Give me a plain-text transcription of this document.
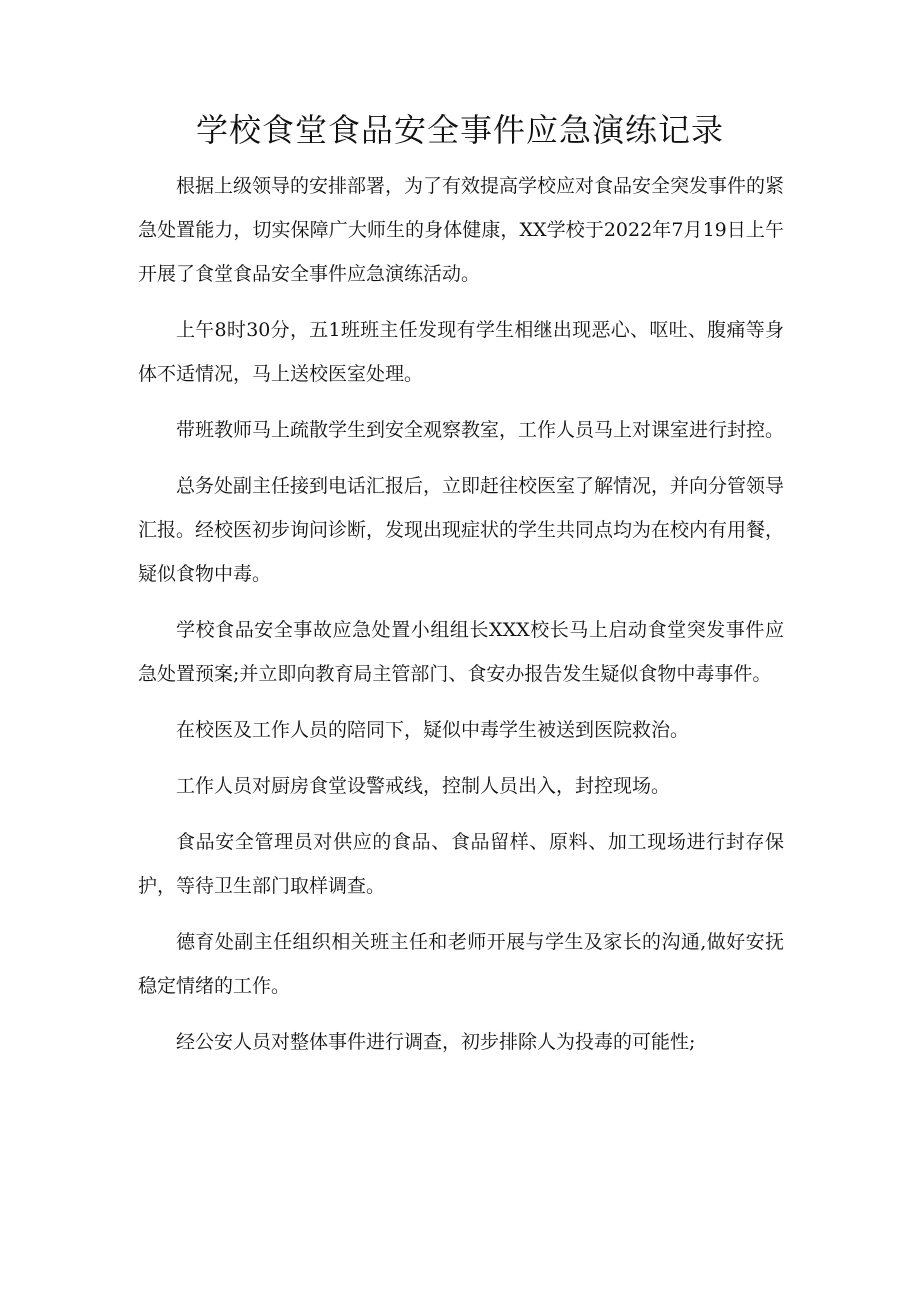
学校食堂食品安全事件应急演练记录

根据上级领导的安排部署，为了有效提高学校应对食品安全突发事件的紧急处置能力，切实保障广大师生的身体健康，XX学校于2022年7月19日上午开展了食堂食品安全事件应急演练活动。

上午8时30分，五1班班主任发现有学生相继出现恶心、呕吐、腹痛等身体不适情况，马上送校医室处理。

带班教师马上疏散学生到安全观察教室，工作人员马上对课室进行封控。

总务处副主任接到电话汇报后，立即赶往校医室了解情况，并向分管领导汇报。经校医初步询问诊断，发现出现症状的学生共同点均为在校内有用餐，疑似食物中毒。

学校食品安全事故应急处置小组组长XXX校长马上启动食堂突发事件应急处置预案;并立即向教育局主管部门、食安办报告发生疑似食物中毒事件。

在校医及工作人员的陪同下，疑似中毒学生被送到医院救治。

工作人员对厨房食堂设警戒线，控制人员出入，封控现场。

食品安全管理员对供应的食品、食品留样、原料、加工现场进行封存保护，等待卫生部门取样调查。

德育处副主任组织相关班主任和老师开展与学生及家长的沟通,做好安抚稳定情绪的工作。

经公安人员对整体事件进行调查，初步排除人为投毒的可能性;
